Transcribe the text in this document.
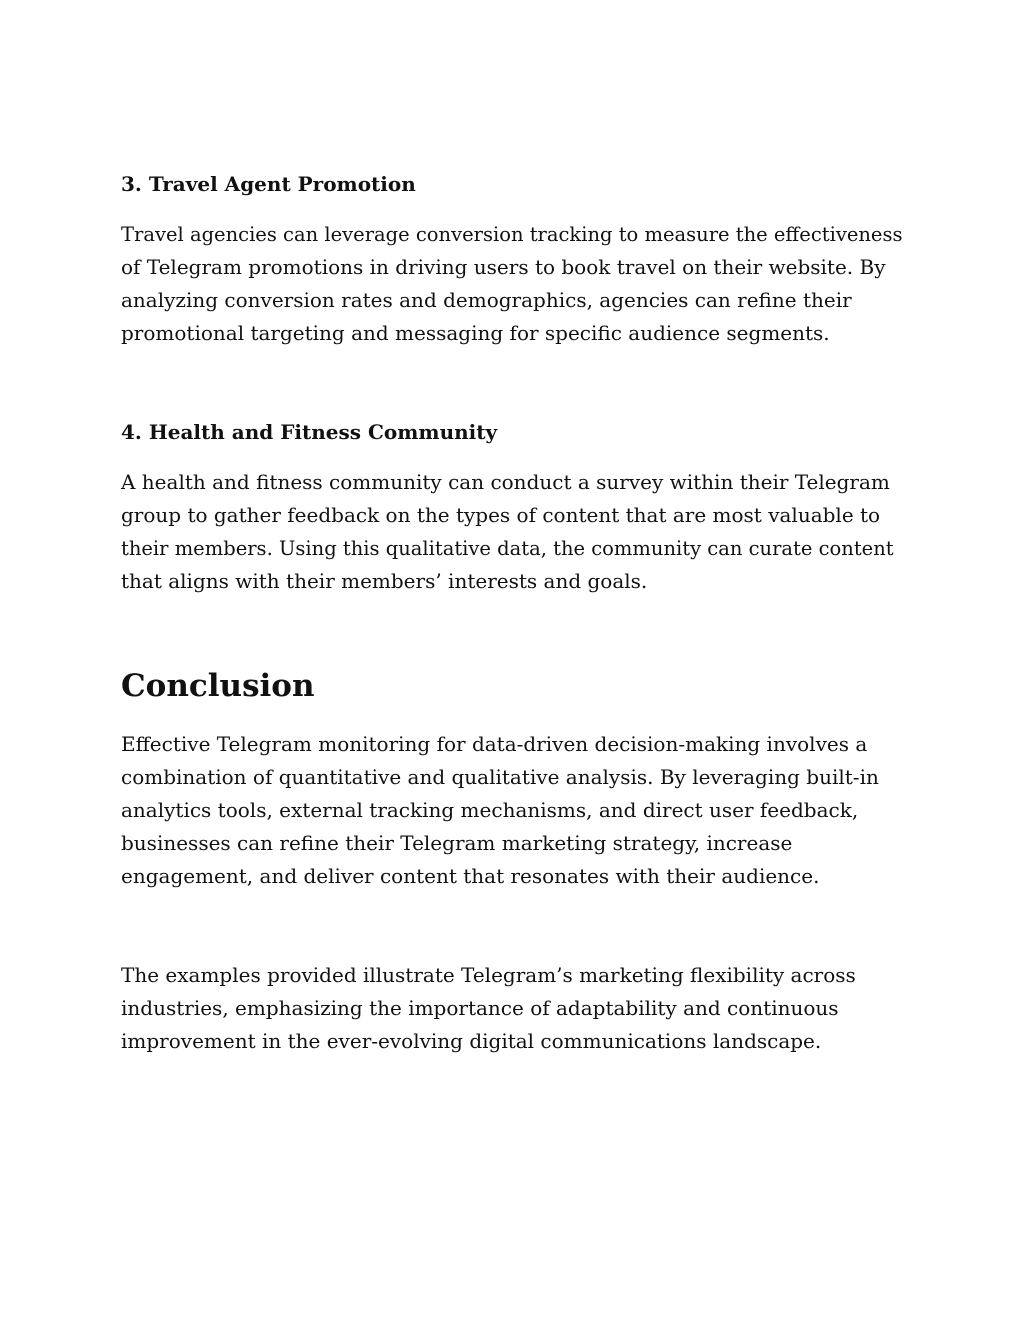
3. Travel Agent Promotion

Travel agencies can leverage conversion tracking to measure the effectiveness
of Telegram promotions in driving users to book travel on their website. By
analyzing conversion rates and demographics, agencies can refine their
promotional targeting and messaging for specific audience segments.

4. Health and Fitness Community

A health and fitness community can conduct a survey within their Telegram
group to gather feedback on the types of content that are most valuable to
their members. Using this qualitative data, the community can curate content
that aligns with their members’ interests and goals.

Conclusion

Effective Telegram monitoring for data-driven decision-making involves a
combination of quantitative and qualitative analysis. By leveraging built-in
analytics tools, external tracking mechanisms, and direct user feedback,
businesses can refine their Telegram marketing strategy, increase
engagement, and deliver content that resonates with their audience.

The examples provided illustrate Telegram’s marketing flexibility across
industries, emphasizing the importance of adaptability and continuous
improvement in the ever-evolving digital communications landscape.
